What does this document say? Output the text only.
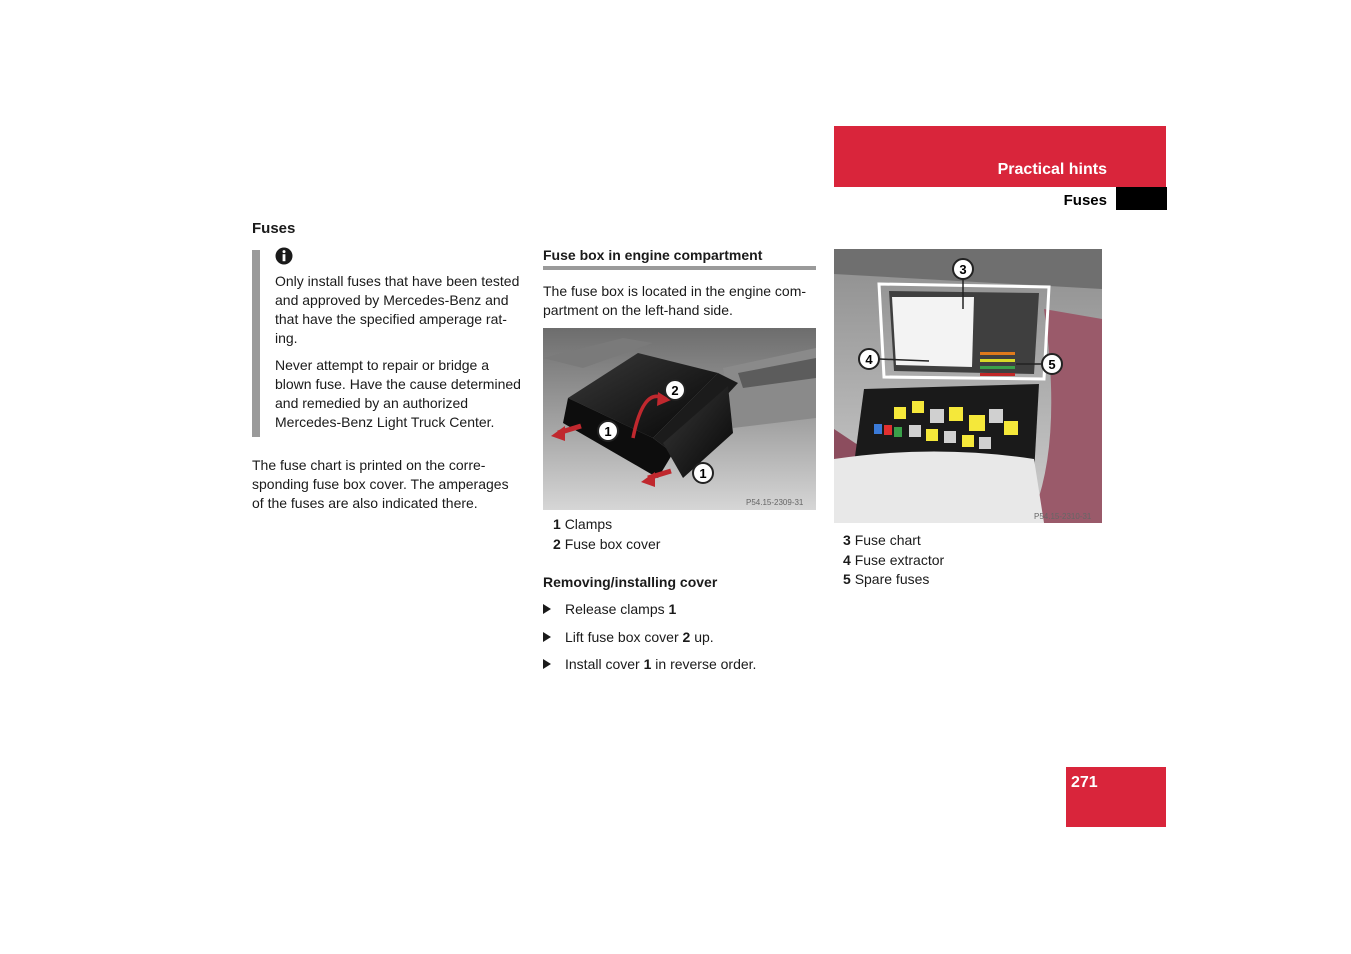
Practical hints
Fuses
Fuses
Only install fuses that have been tested
and approved by Mercedes-Benz and
that have the specified amperage rat-
ing.
Never attempt to repair or bridge a
blown fuse. Have the cause determined
and remedied by an authorized
Mercedes-Benz Light Truck Center.
The fuse chart is printed on the corre-
sponding fuse box cover. The amperages
of the fuses are also indicated there.
Fuse box in engine compartment
The fuse box is located in the engine com-
partment on the left-hand side.
1
1
2
P54.15-2309-31
1 Clamps
2 Fuse box cover
Removing/installing cover
Release clamps 1
Lift fuse box cover 2 up.
Install cover 1 in reverse order.
3
4	5
P54.15-2310-31
3 Fuse chart
4 Fuse extractor
5 Spare fuses
271
